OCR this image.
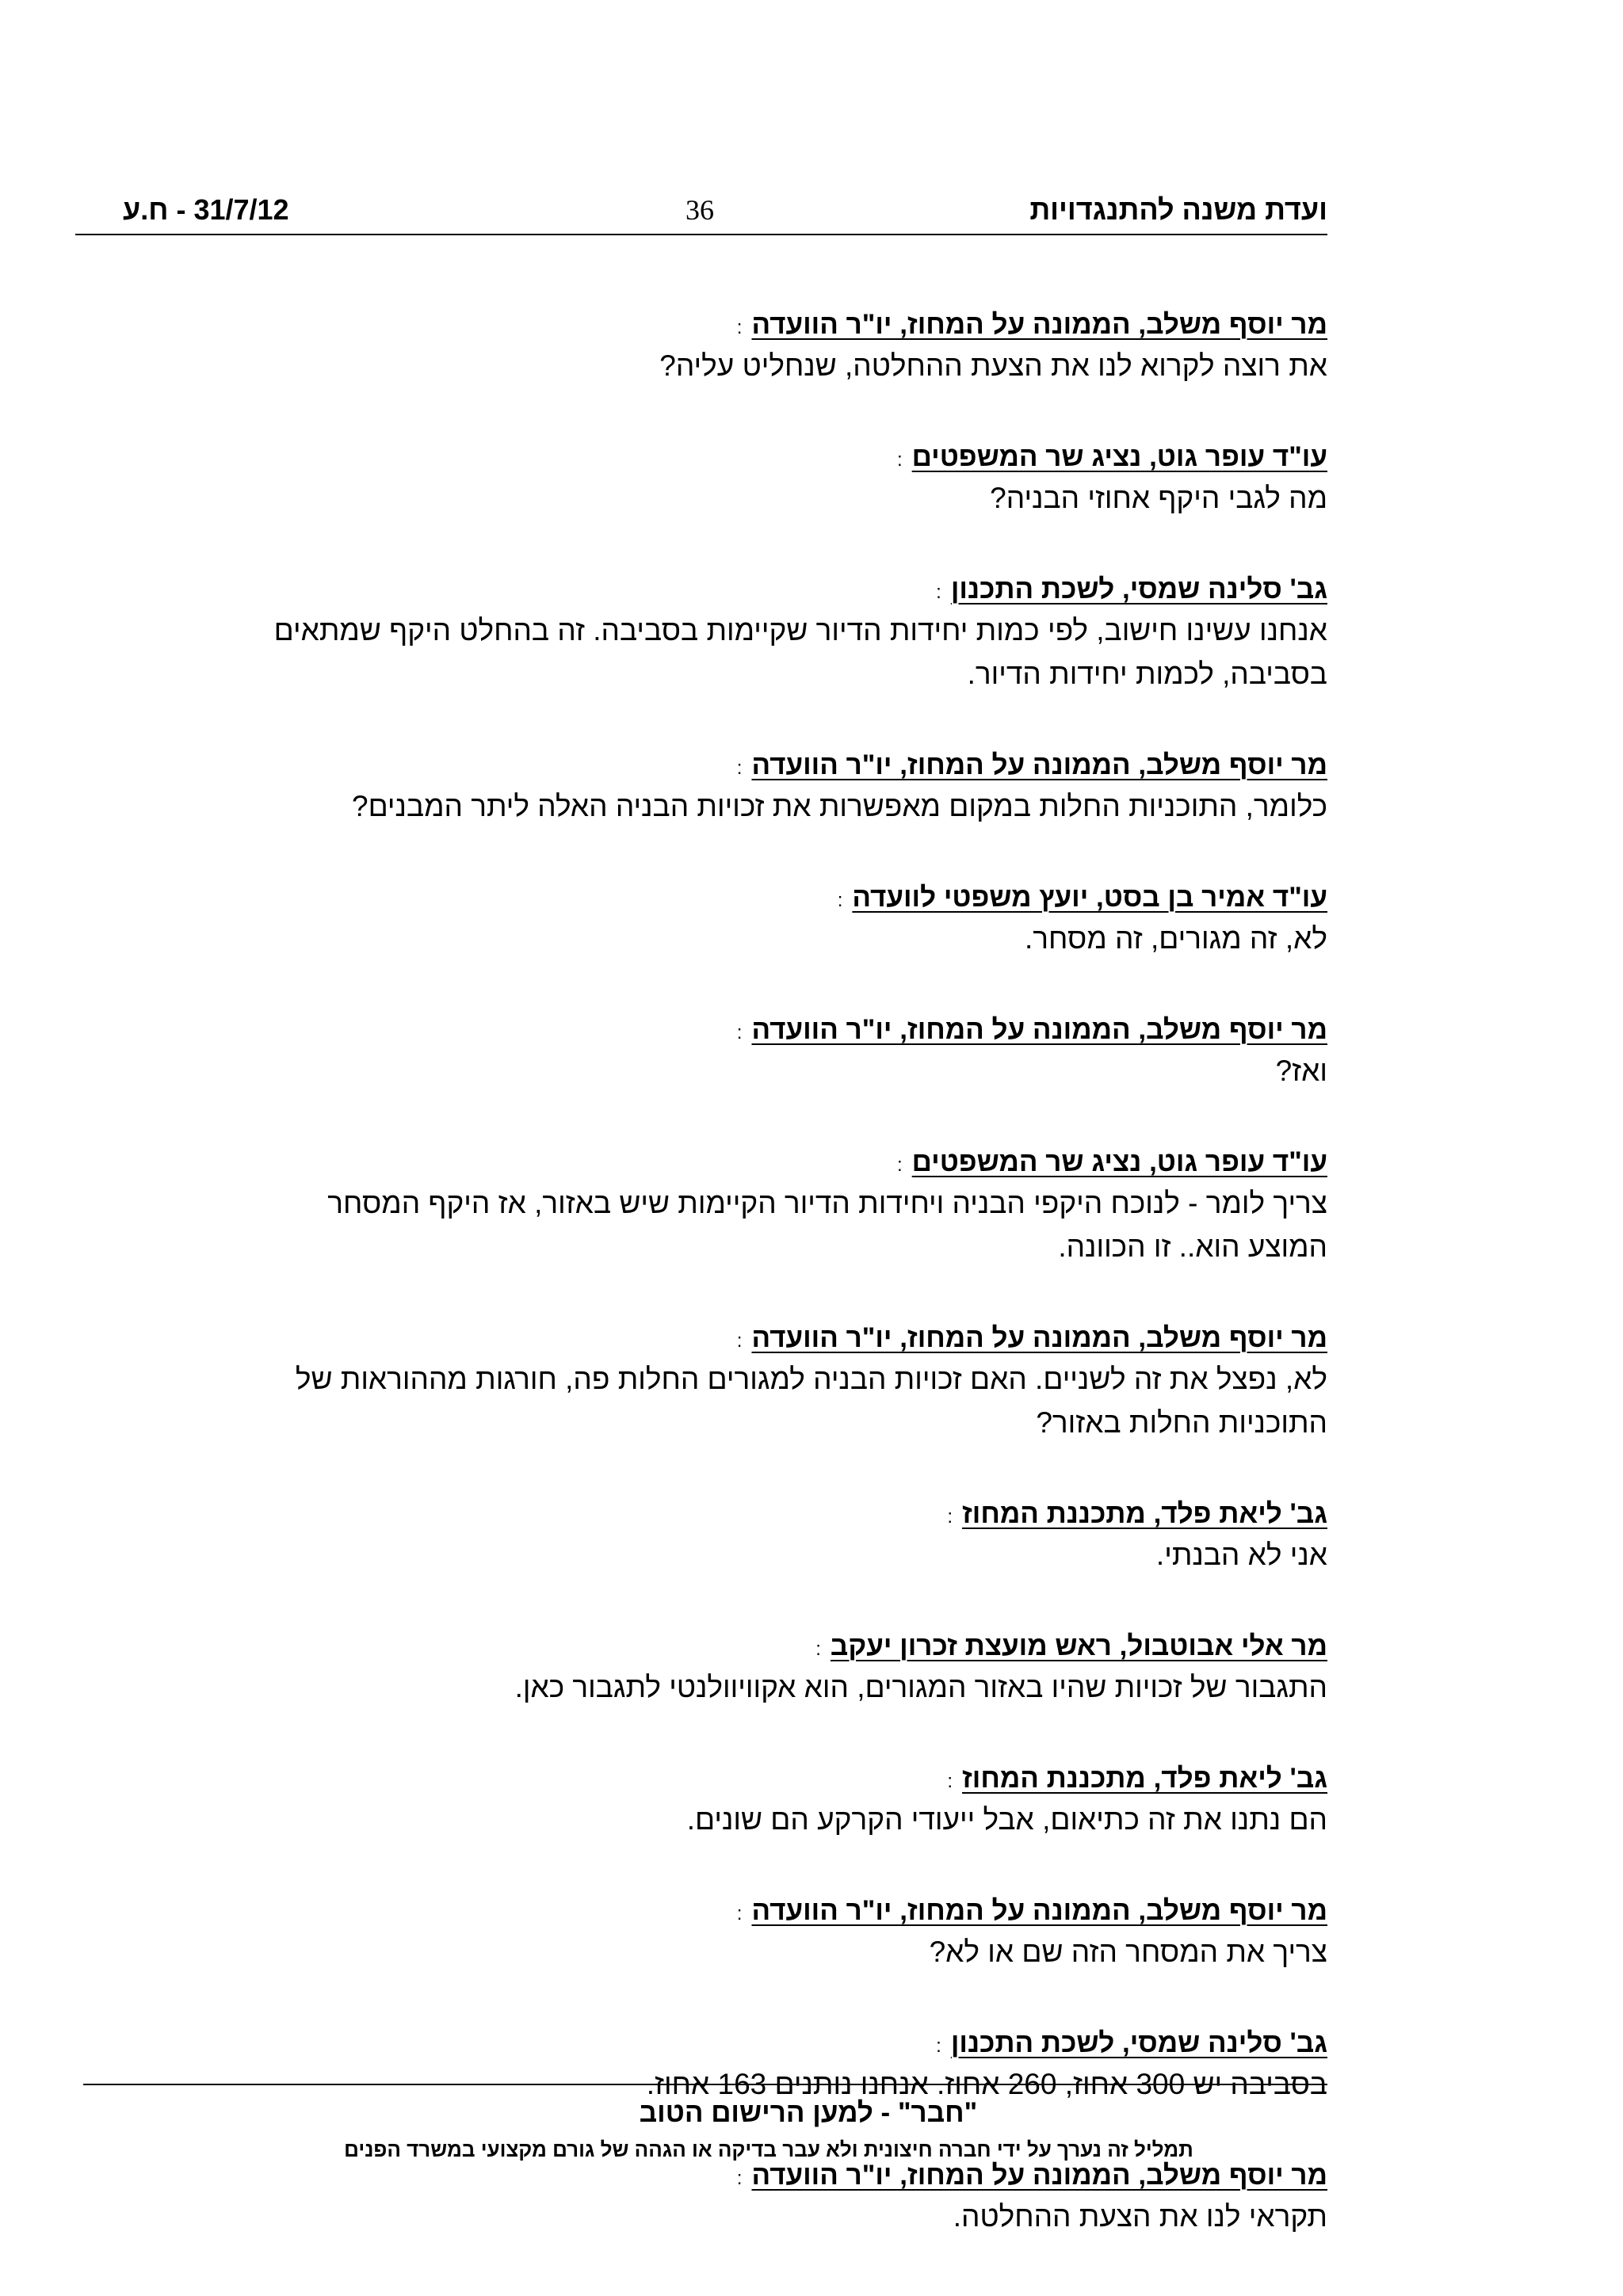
ועדת משנה להתנגדויות
36
31/7/12 - ח.ע
מר יוסף משלב, הממונה על המחוז, יו"ר הוועדה:

את רוצה לקרוא לנו את הצעת ההחלטה, שנחליט עליה?

עו"ד עופר גוט, נציג שר המשפטים:

מה לגבי היקף אחוזי הבניה?

גב' סלינה שמסי, לשכת התכנון:

אנחנו עשינו חישוב, לפי כמות יחידות הדיור שקיימות בסביבה. זה בהחלט היקף שמתאים

בסביבה, לכמות יחידות הדיור.

מר יוסף משלב, הממונה על המחוז, יו"ר הוועדה:

כלומר, התוכניות החלות במקום מאפשרות את זכויות הבניה האלה ליתר המבנים?

עו"ד אמיר בן בסט, יועץ משפטי לוועדה:

לא, זה מגורים, זה מסחר.

מר יוסף משלב, הממונה על המחוז, יו"ר הוועדה:

ואז?

עו"ד עופר גוט, נציג שר המשפטים:

צריך לומר - לנוכח היקפי הבניה ויחידות הדיור הקיימות שיש באזור, אז היקף המסחר

המוצע הוא.. זו הכוונה.

מר יוסף משלב, הממונה על המחוז, יו"ר הוועדה:

לא, נפצל את זה לשניים. האם זכויות הבניה למגורים החלות פה, חורגות מההוראות של

התוכניות החלות באזור?

גב' ליאת פלד, מתכננת המחוז:

אני לא הבנתי.

מר אלי אבוטבול, ראש מועצת זכרון יעקב:

התגבור של זכויות שהיו באזור המגורים, הוא אקוויוולנטי לתגבור כאן.

גב' ליאת פלד, מתכננת המחוז:

הם נתנו את זה כתיאום, אבל ייעודי הקרקע הם שונים.

מר יוסף משלב, הממונה על המחוז, יו"ר הוועדה:

צריך את המסחר הזה שם או לא?

גב' סלינה שמסי, לשכת התכנון:

בסביבה יש 300 אחוז, 260 אחוז. אנחנו נותנים 163 אחוז.

מר יוסף משלב, הממונה על המחוז, יו"ר הוועדה:

תקראי לנו את הצעת ההחלטה.

"חבר" - למען הרישום הטוב
תמליל זה נערך על ידי חברה חיצונית ולא עבר בדיקה או הגהה של גורם מקצועי במשרד הפנים
